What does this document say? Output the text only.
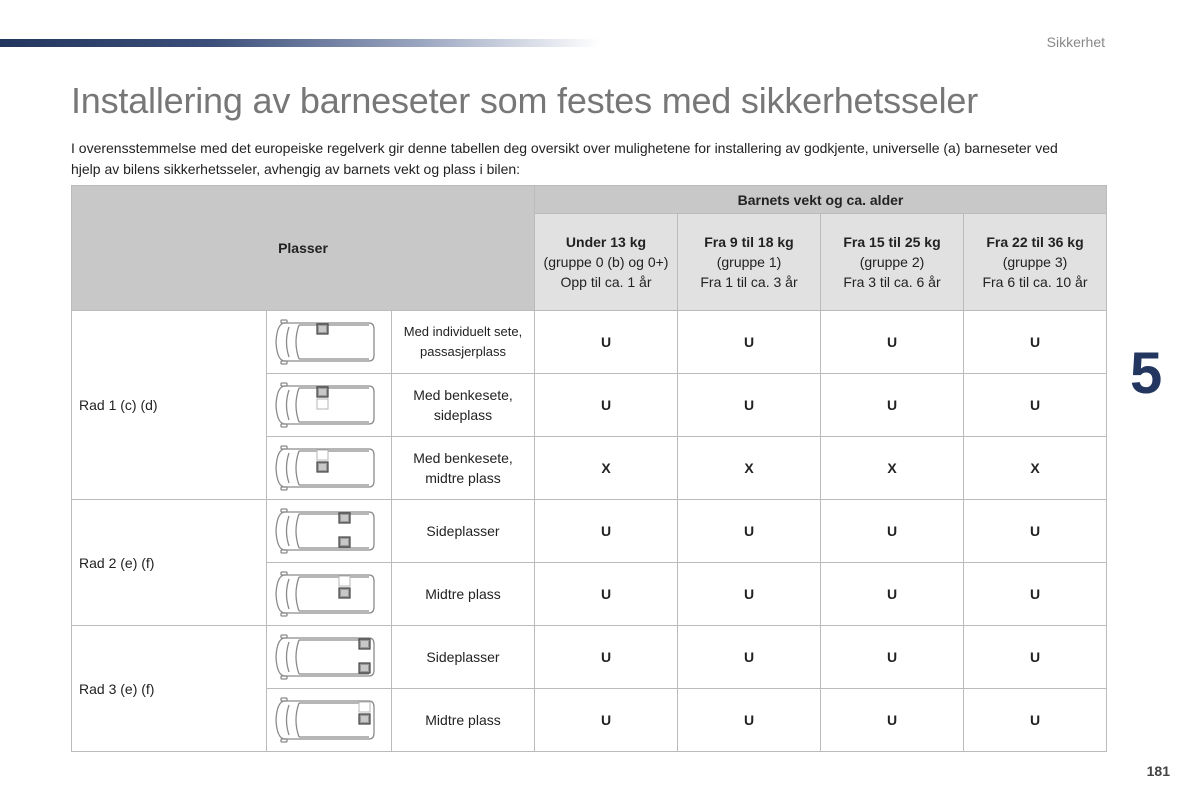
Sikkerhet
Installering av barneseter som festes med sikkerhetsseler

I overensstemmelse med det europeiske regelverk gir denne tabellen deg oversikt over mulighetene for installering av godkjente, universelle (a) barneseter ved hjelp av bilens sikkerhetsseler, avhengig av barnets vekt og plass i bilen:

5
181
Plasser			Barnets vekt og ca. alder			
			Under 13 kg
(gruppe 0 (b) og 0+)
Opp til ca. 1 år	Fra 9 til 18 kg
(gruppe 1)
Fra 1 til ca. 3 år	Fra 15 til 25 kg
(gruppe 2)
Fra 3 til ca. 6 år	Fra 22 til 36 kg
(gruppe 3)
Fra 6 til ca. 10 år
Rad 1 (c) (d)		Med individuelt sete, passasjerplass	U	U	U	U

	Med benkesete, sideplass	U	U	U	U

	Med benkesete, midtre plass	X	X	X	X
Rad 2 (e) (f)		Sideplasser	U	U	U	U

	Midtre plass	U	U	U	U
Rad 3 (e) (f)		Sideplasser	U	U	U	U

	Midtre plass	U	U	U	U
